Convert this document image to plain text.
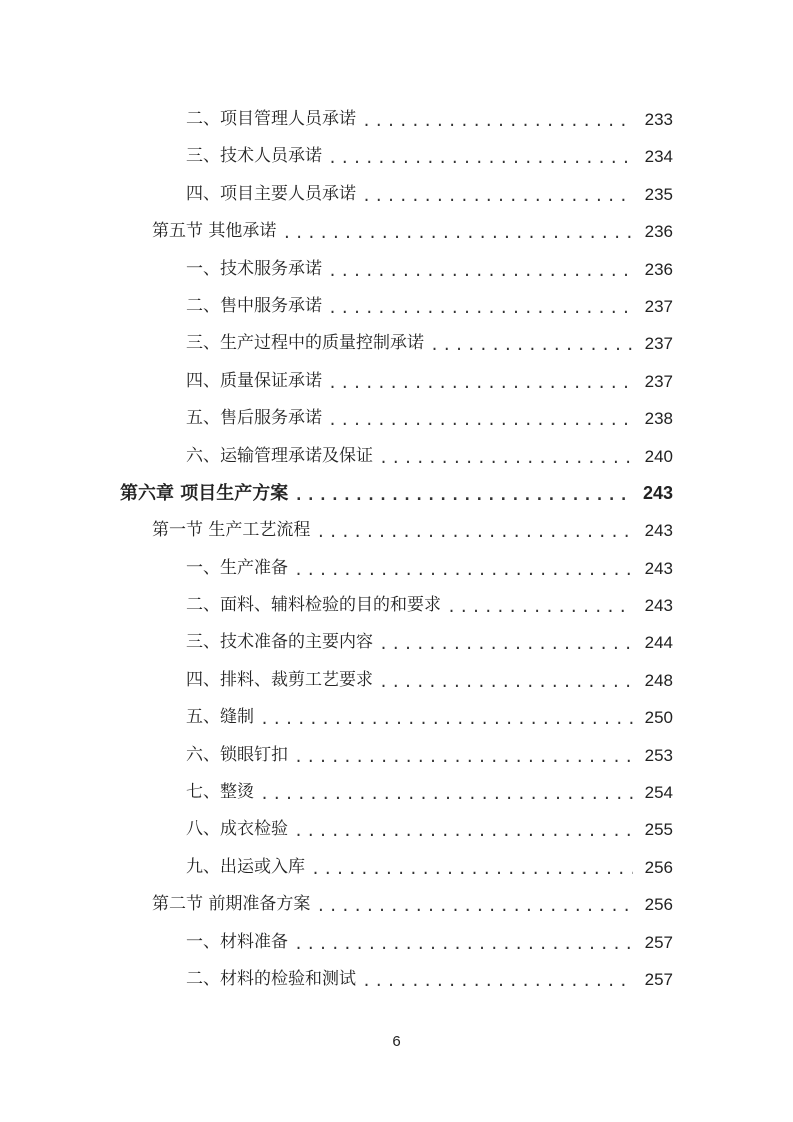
二、项目管理人员承诺 .....	233
三、技术人员承诺 .....	234
四、项目主要人员承诺 .....	235
第五节 其他承诺 .....	236
一、技术服务承诺 .....	236
二、售中服务承诺 .....	237
三、生产过程中的质量控制承诺 .....	237
四、质量保证承诺 .....	237
五、售后服务承诺 .....	238
六、运输管理承诺及保证 .....	240
第六章 项目生产方案 .....	243
第一节 生产工艺流程 .....	243
一、生产准备 .....	243
二、面料、辅料检验的目的和要求 .....	243
三、技术准备的主要内容 .....	244
四、排料、裁剪工艺要求 .....	248
五、缝制 .....	250
六、锁眼钉扣 .....	253
七、整烫 .....	254
八、成衣检验 .....	255
九、出运或入库 .....	256
第二节 前期准备方案 .....	256
一、材料准备 .....	257
二、材料的检验和测试 .....	257
6
